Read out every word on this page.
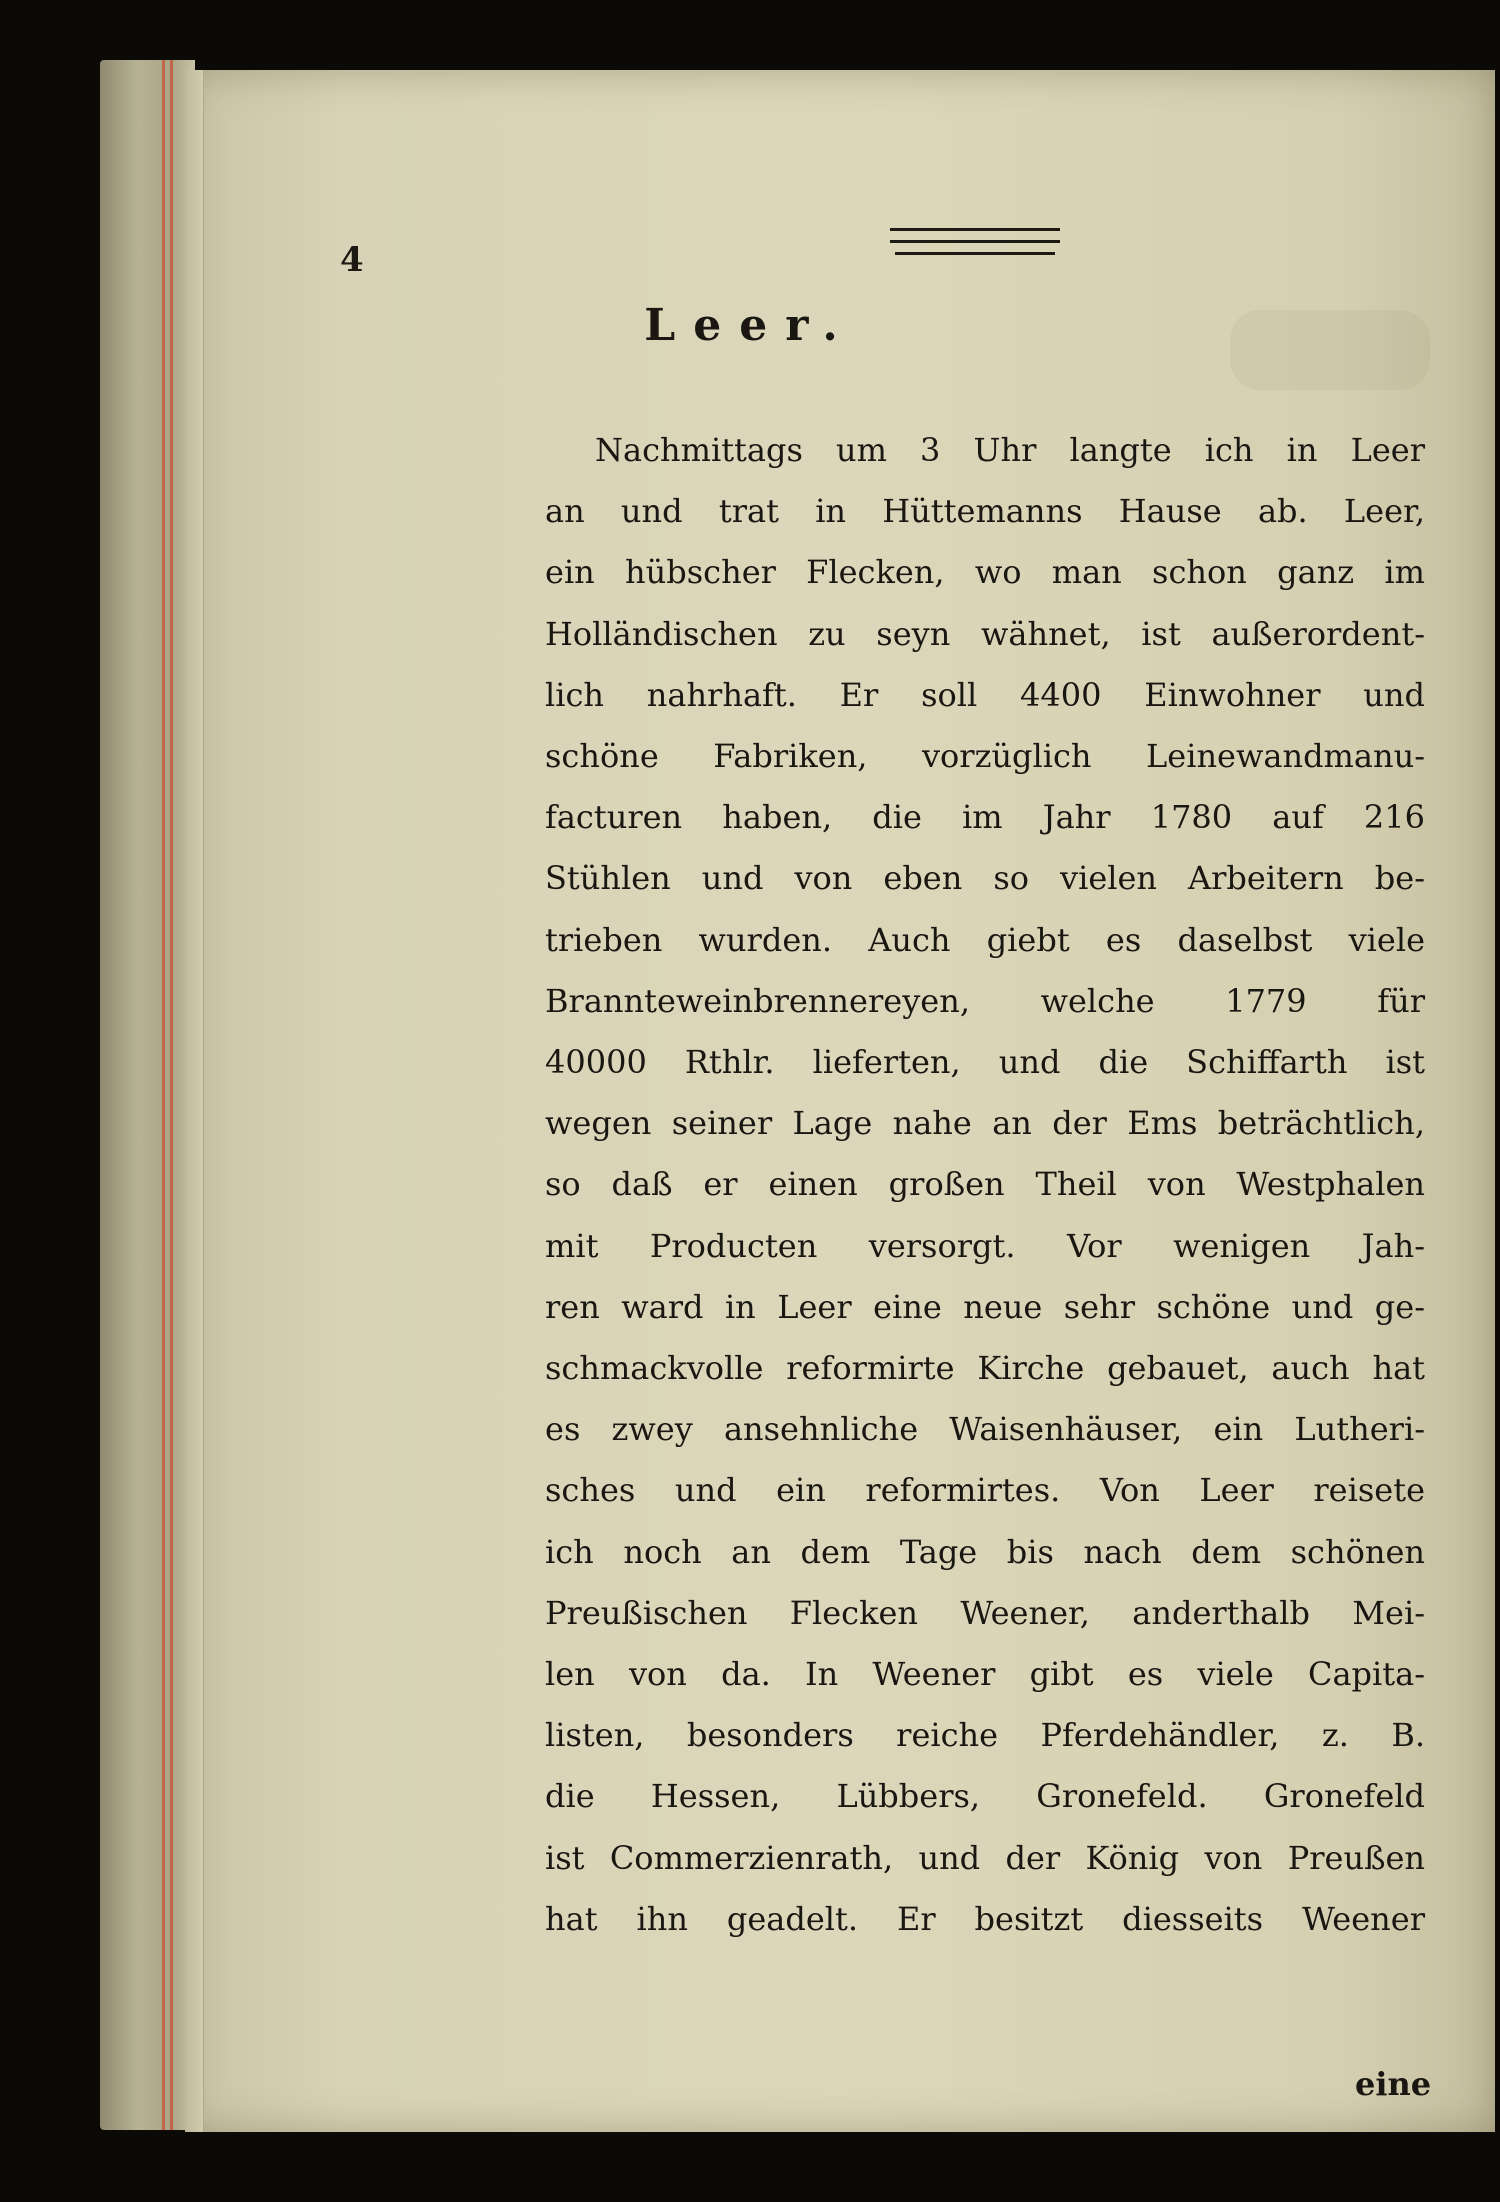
4
Leer.
Nachmittags um 3 Uhr langte ich in Leer
an und trat in Hüttemanns Hause ab. Leer,
ein hübscher Flecken, wo man schon ganz im
Holländischen zu seyn wähnet, ist außerordent-
lich nahrhaft. Er soll 4400 Einwohner und
schöne Fabriken, vorzüglich Leinewandmanu-
facturen haben, die im Jahr 1780 auf 216
Stühlen und von eben so vielen Arbeitern be-
trieben wurden. Auch giebt es daselbst viele
Brannteweinbrennereyen, welche 1779 für
40000 Rthlr. lieferten, und die Schiffarth ist
wegen seiner Lage nahe an der Ems beträchtlich,
so daß er einen großen Theil von Westphalen
mit Producten versorgt. Vor wenigen Jah-
ren ward in Leer eine neue sehr schöne und ge-
schmackvolle reformirte Kirche gebauet, auch hat
es zwey ansehnliche Waisenhäuser, ein Lutheri-
sches und ein reformirtes. Von Leer reisete
ich noch an dem Tage bis nach dem schönen
Preußischen Flecken Weener, anderthalb Mei-
len von da. In Weener gibt es viele Capita-
listen, besonders reiche Pferdehändler, z. B.
die Hessen, Lübbers, Gronefeld. Gronefeld
ist Commerzienrath, und der König von Preußen
hat ihn geadelt. Er besitzt diesseits Weener
eine
